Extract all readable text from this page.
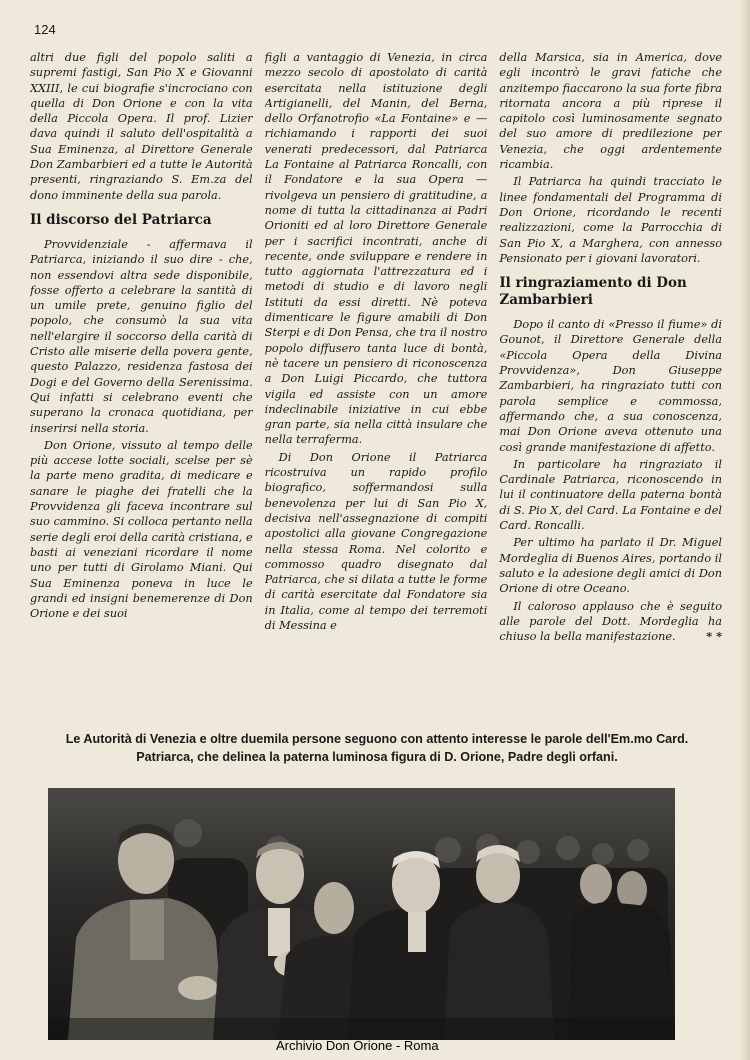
124

altri due figli del popolo saliti a supremi fastigi, San Pio X e Giovanni XXIII, le cui biografie s'incrociano con quella di Don Orione e con la vita della Piccola Opera. Il prof. Lizier dava quindi il saluto dell'ospitalità a Sua Eminenza, al Direttore Generale Don Zambarbieri ed a tutte le Autorità presenti, ringraziando S. Em.za del dono imminente della sua parola.

Il discorso del Patriarca

Provvidenziale - affermava il Patriarca, iniziando il suo dire - che, non essendovi altra sede disponibile, fosse offerto a celebrare la santità di un umile prete, genuino figlio del popolo, che consumò la sua vita nell'elargire il soccorso della carità di Cristo alle miserie della povera gente, questo Palazzo, residenza fastosa dei Dogi e del Governo della Serenissima. Qui infatti si celebrano eventi che superano la cronaca quotidiana, per inserirsi nella storia.

Don Orione, vissuto al tempo delle più accese lotte sociali, scelse per sè la parte meno gradita, di medicare e sanare le piaghe dei fratelli che la Provvidenza gli faceva incontrare sul suo cammino. Si colloca pertanto nella serie degli eroi della carità cristiana, e basti ai veneziani ricordare il nome uno per tutti di Girolamo Miani. Qui Sua Eminenza poneva in luce le grandi ed insigni benemerenze di Don Orione e dei suoi

figli a vantaggio di Venezia, in circa mezzo secolo di apostolato di carità esercitata nella istituzione degli Artigianelli, del Manin, del Berna, dello Orfanotrofio «La Fontaine» e — richiamando i rapporti dei suoi venerati predecessori, dal Patriarca La Fontaine al Patriarca Roncalli, con il Fondatore e la sua Opera — rivolgeva un pensiero di gratitudine, a nome di tutta la cittadinanza ai Padri Orioniti ed al loro Direttore Generale per i sacrifici incontrati, anche di recente, onde sviluppare e rendere in tutto aggiornata l'attrezzatura ed i metodi di studio e di lavoro negli Istituti da essi diretti. Nè poteva dimenticare le figure amabili di Don Sterpi e di Don Pensa, che tra il nostro popolo diffusero tanta luce di bontà, nè tacere un pensiero di riconoscenza a Don Luigi Piccardo, che tuttora vigila ed assiste con un amore indeclinabile iniziative in cui ebbe gran parte, sia nella città insulare che nella terraferma.

Di Don Orione il Patriarca ricostruiva un rapido profilo biografico, soffermandosi sulla benevolenza per lui di San Pio X, decisiva nell'assegnazione di compiti apostolici alla giovane Congregazione nella stessa Roma. Nel colorito e commosso quadro disegnato dal Patriarca, che si dilata a tutte le forme di carità esercitate dal Fondatore sia in Italia, come al tempo dei terremoti di Messina e

della Marsica, sia in America, dove egli incontrò le gravi fatiche che anzitempo fiaccarono la sua forte fibra ritornata ancora a più riprese il capitolo così luminosamente segnato del suo amore di predilezione per Venezia, che oggi ardentemente ricambia.

Il Patriarca ha quindi tracciato le linee fondamentali del Programma di Don Orione, ricordando le recenti realizzazioni, come la Parrocchia di San Pio X, a Marghera, con annesso Pensionato per i giovani lavoratori.

Il ringraziamento di Don Zambarbieri

Dopo il canto di «Presso il fiume» di Gounot, il Direttore Generale della «Piccola Opera della Divina Provvidenza», Don Giuseppe Zambarbieri, ha ringraziato tutti con parola semplice e commossa, affermando che, a sua conoscenza, mai Don Orione aveva ottenuto una così grande manifestazione di affetto.

In particolare ha ringraziato il Cardinale Patriarca, riconoscendo in lui il continuatore della paterna bontà di S. Pio X, del Card. La Fontaine e del Card. Roncalli.

Per ultimo ha parlato il Dr. Miguel Mordeglia di Buenos Aires, portando il saluto e la adesione degli amici di Don Orione di otre Oceano.

Il caloroso applauso che è seguito alle parole del Dott. Mordeglia ha chiuso la bella manifestazione.	* *

Le Autorità di Venezia e oltre duemila persone seguono con attento interesse le parole dell'Em.mo Card. Patriarca, che delinea la paterna luminosa figura di D. Orione, Padre degli orfani.
Archivio Don Orione - Roma
